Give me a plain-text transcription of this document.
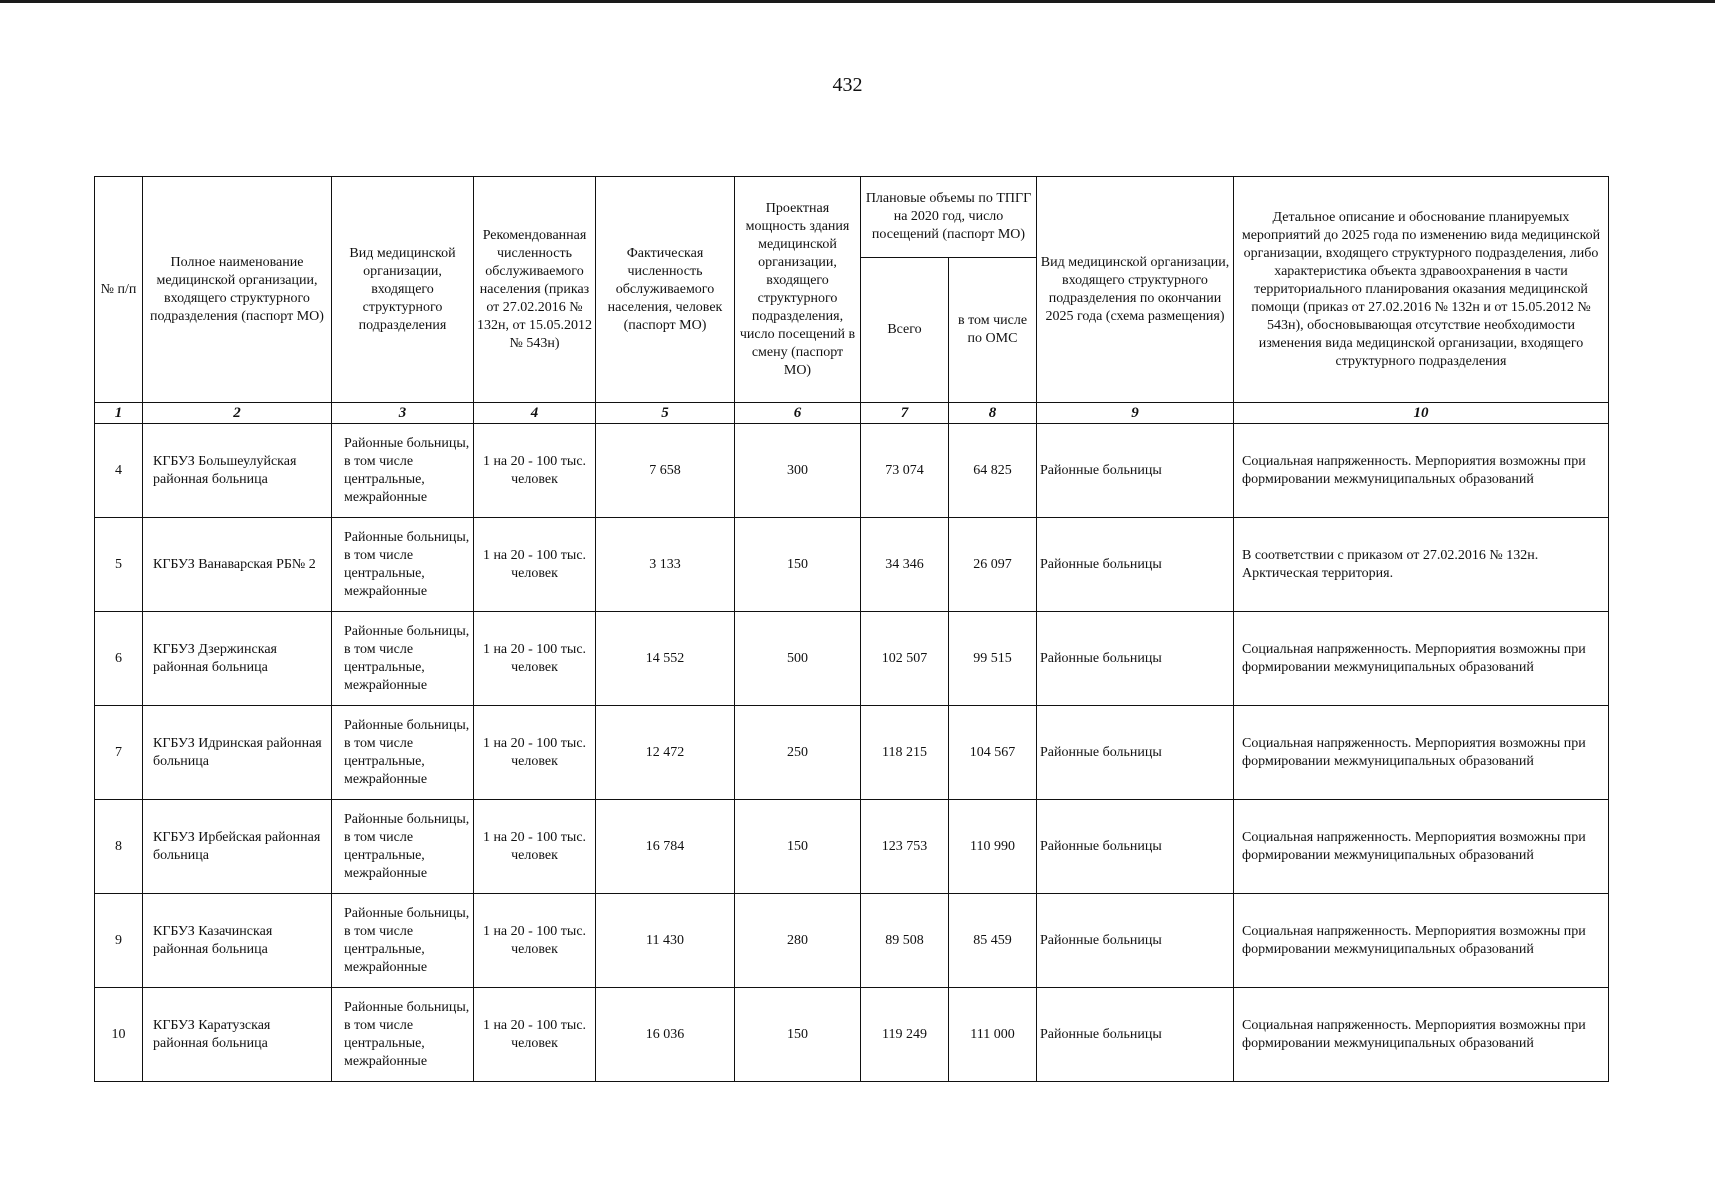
432
№ п/п	Полное наименование медицинской организации, входящего структурного подразделения (паспорт МО)	Вид медицинской организации, входящего структурного подразделения	Рекомендованная численность обслуживаемого населения (приказ от 27.02.2016 № 132н, от 15.05.2012 № 543н)	Фактическая численность обслуживаемого населения, человек (паспорт МО)	Проектная мощность здания медицинской организации, входящего структурного подразделения, число посещений в смену (паспорт МО)	Плановые объемы по ТПГГ на 2020 год, число посещений (паспорт МО)		Вид медицинской организации, входящего структурного подразделения по окончании 2025 года (схема размещения)	Детальное описание и обоснование планируемых мероприятий до 2025 года по изменению вида медицинской организации, входящего структурного подразделения, либо характеристика объекта здравоохранения в части территориального планирования оказания медицинской помощи (приказ от 27.02.2016 № 132н и от 15.05.2012 № 543н), обосновывающая отсутствие необходимости изменения вида медицинской организации, входящего структурного подразделения
						Всего	в том числе по ОМС		
1	2	3	4	5	6	7	8	9	10
4	КГБУЗ Большеулуйская районная больница	Районные больницы, в том числе центральные, межрайонные	1 на 20 - 100 тыс. человек	7 658	300	73 074	64 825	Районные больницы	Социальная напряженность. Мерпориятия возможны при формировании межмуниципальных образований
5	КГБУЗ Ванаварская РБ№ 2	Районные больницы, в том числе центральные, межрайонные	1 на 20 - 100 тыс. человек	3 133	150	34 346	26 097	Районные больницы	В соответствии с приказом от 27.02.2016 № 132н. Арктическая территория.
6	КГБУЗ Дзержинская районная больница	Районные больницы, в том числе центральные, межрайонные	1 на 20 - 100 тыс. человек	14 552	500	102 507	99 515	Районные больницы	Социальная напряженность. Мерпориятия возможны при формировании межмуниципальных образований
7	КГБУЗ Идринская районная больница	Районные больницы, в том числе центральные, межрайонные	1 на 20 - 100 тыс. человек	12 472	250	118 215	104 567	Районные больницы	Социальная напряженность. Мерпориятия возможны при формировании межмуниципальных образований
8	КГБУЗ Ирбейская районная больница	Районные больницы, в том числе центральные, межрайонные	1 на 20 - 100 тыс. человек	16 784	150	123 753	110 990	Районные больницы	Социальная напряженность. Мерпориятия возможны при формировании межмуниципальных образований
9	КГБУЗ Казачинская районная больница	Районные больницы, в том числе центральные, межрайонные	1 на 20 - 100 тыс. человек	11 430	280	89 508	85 459	Районные больницы	Социальная напряженность. Мерпориятия возможны при формировании межмуниципальных образований
10	КГБУЗ Каратузская районная больница	Районные больницы, в том числе центральные, межрайонные	1 на 20 - 100 тыс. человек	16 036	150	119 249	111 000	Районные больницы	Социальная напряженность. Мерпориятия возможны при формировании межмуниципальных образований
